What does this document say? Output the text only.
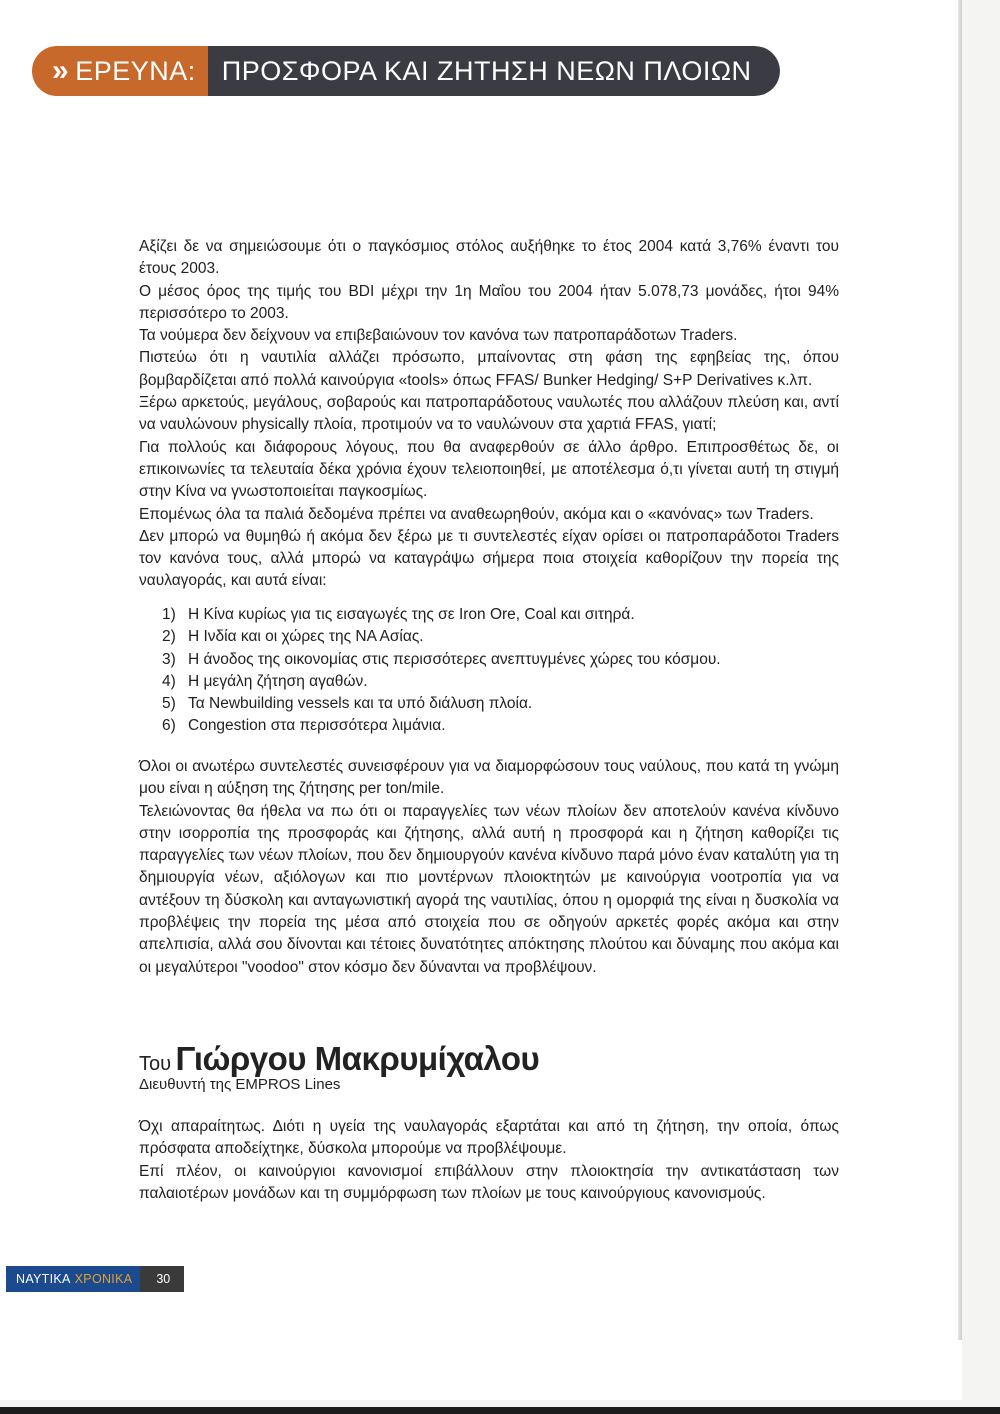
» ΕΡΕΥΝΑ: ΠΡΟΣΦΟΡΑ ΚΑΙ ΖΗΤΗΣΗ ΝΕΩΝ ΠΛΟΙΩΝ

Αξίζει δε να σημειώσουμε ότι ο παγκόσμιος στόλος αυξήθηκε το έτος 2004 κατά 3,76% έναντι του έτους 2003.

Ο μέσος όρος της τιμής του BDI μέχρι την 1η Μαΐου του 2004 ήταν 5.078,73 μονάδες, ήτοι 94% περισσότερο το 2003.

Τα νούμερα δεν δείχνουν να επιβεβαιώνουν τον κανόνα των πατροπαράδοτων Traders.

Πιστεύω ότι η ναυτιλία αλλάζει πρόσωπο, μπαίνοντας στη φάση της εφηβείας της, όπου βομβαρδίζεται από πολλά καινούργια «tools» όπως FFAS/ Bunker Hedging/ S+P Derivatives κ.λπ.

Ξέρω αρκετούς, μεγάλους, σοβαρούς και πατροπαράδοτους ναυλωτές που αλλάζουν πλεύση και, αντί να ναυλώνουν physically πλοία, προτιμούν να το ναυλώνουν στα χαρτιά FFAS, γιατί;

Για πολλούς και διάφορους λόγους, που θα αναφερθούν σε άλλο άρθρο. Επιπροσθέτως δε, οι επικοινωνίες τα τελευταία δέκα χρόνια έχουν τελειοποιηθεί, με αποτέλεσμα ό,τι γίνεται αυτή τη στιγμή στην Κίνα να γνωστοποιείται παγκοσμίως.

Επομένως όλα τα παλιά δεδομένα πρέπει να αναθεωρηθούν, ακόμα και ο «κανόνας» των Traders.

Δεν μπορώ να θυμηθώ ή ακόμα δεν ξέρω με τι συντελεστές είχαν ορίσει οι πατροπαράδοτοι Traders τον κανόνα τους, αλλά μπορώ να καταγράψω σήμερα ποια στοιχεία καθορίζουν την πορεία της ναυλαγοράς, και αυτά είναι:

1) Η Κίνα κυρίως για τις εισαγωγές της σε Iron Ore, Coal και σιτηρά.
2) Η Ινδία και οι χώρες της ΝΑ Ασίας.
3) Η άνοδος της οικονομίας στις περισσότερες ανεπτυγμένες χώρες του κόσμου.
4) Η μεγάλη ζήτηση αγαθών.
5) Τα Newbuilding vessels και τα υπό διάλυση πλοία.
6) Congestion στα περισσότερα λιμάνια.

Όλοι οι ανωτέρω συντελεστές συνεισφέρουν για να διαμορφώσουν τους ναύλους, που κατά τη γνώμη μου είναι η αύξηση της ζήτησης per ton/mile.

Τελειώνοντας θα ήθελα να πω ότι οι παραγγελίες των νέων πλοίων δεν αποτελούν κανένα κίνδυνο στην ισορροπία της προσφοράς και ζήτησης, αλλά αυτή η προσφορά και η ζήτηση καθορίζει τις παραγγελίες των νέων πλοίων, που δεν δημιουργούν κανένα κίνδυνο παρά μόνο έναν καταλύτη για τη δημιουργία νέων, αξιόλογων και πιο μοντέρνων πλοιοκτητών με καινούργια νοοτροπία για να αντέξουν τη δύσκολη και ανταγωνιστική αγορά της ναυτιλίας, όπου η ομορφιά της είναι η δυσκολία να προβλέψεις την πορεία της μέσα από στοιχεία που σε οδηγούν αρκετές φορές ακόμα και στην απελπισία, αλλά σου δίνονται και τέτοιες δυνατότητες απόκτησης πλούτου και δύναμης που ακόμα και οι μεγαλύτεροι "voodoo" στον κόσμο δεν δύνανται να προβλέψουν.

Του Γιώργου Μακρυμίχαλου
Διευθυντή της EMPROS Lines

Όχι απαραίτητως. Διότι η υγεία της ναυλαγοράς εξαρτάται και από τη ζήτηση, την οποία, όπως πρόσφατα αποδείχτηκε, δύσκολα μπορούμε να προβλέψουμε.

Επί πλέον, οι καινούργιοι κανονισμοί επιβάλλουν στην πλοιοκτησία την αντικατάσταση των παλαιοτέρων μονάδων και τη συμμόρφωση των πλοίων με τους καινούργιους κανονισμούς.

ΝΑΥΤΙΚΑ ΧΡΟΝΙΚΑ	30
